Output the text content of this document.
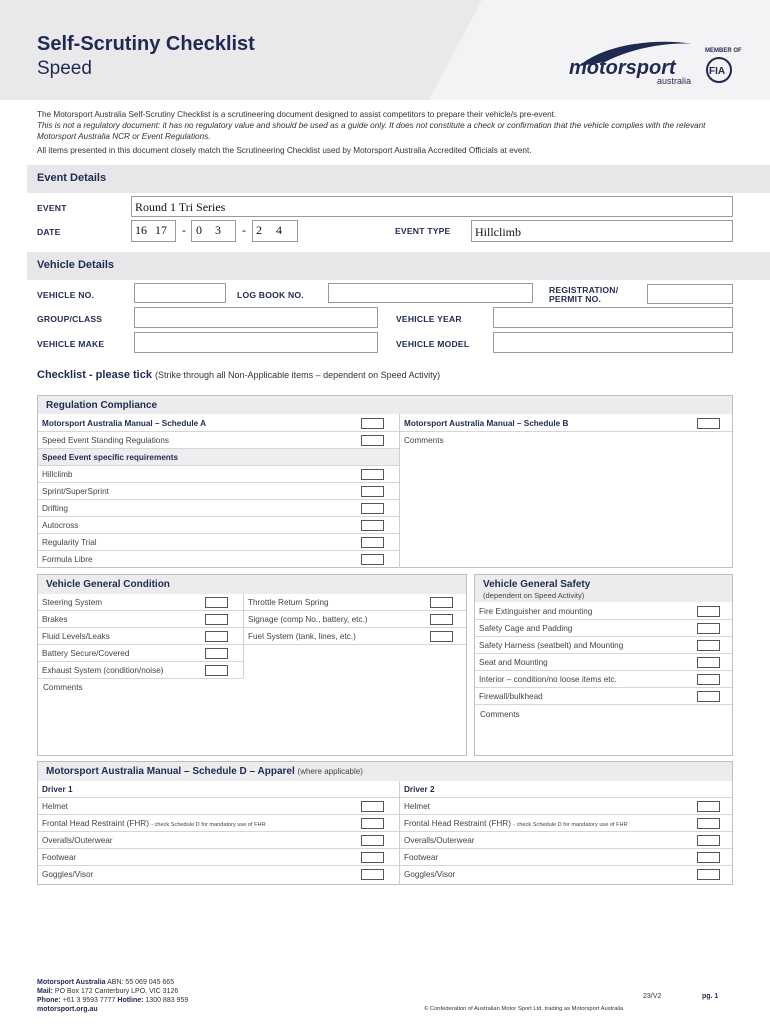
Self-Scrutiny Checklist
Speed	motorsport
australia
MEMBER OF
FIA
The Motorsport Australia Self-Scrutiny Checklist is a scrutineering document designed to assist competitors to prepare their vehicle/s pre-event.
This is not a regulatory document: it has no regulatory value and should be used as a guide only. It does not constitute a check or confirmation that the vehicle complies with the relevant Motorsport Australia NCR or Event Regulations.
All items presented in this document closely match the Scrutineering Checklist used by Motorsport Australia Accredited Officials at event.
Event Details
EVENT	Round 1 Tri Series
DATE	16 17 - 0 3 - 2 4	EVENT TYPE Hillclimb
Vehicle Details
VEHICLE NO.	LOG BOOK NO.	REGISTRATION/
PERMIT NO.
GROUP/CLASS	VEHICLE YEAR
VEHICLE MAKE	VEHICLE MODEL
Checklist - please tick (Strike through all Non-Applicable items – dependent on Speed Activity)
Regulation Compliance
Motorsport Australia Manual – Schedule A
Speed Event Standing Regulations
Speed Event specific requirements
Hillclimb
Sprint/SuperSprint
Drifting
Autocross
Regularity Trial
Formula Libre
Motorsport Australia Manual – Schedule B
Comments
Vehicle General Condition
Steering System
Brakes
Fluid Levels/Leaks
Battery Secure/Covered
Exhaust System (condition/noise)
Throttle Return Spring
Signage (comp No., battery, etc.)
Fuel System (tank, lines, etc.)
Comments
Vehicle General Safety
(dependent on Speed Activity)
Fire Extinguisher and mounting
Safety Cage and Padding
Safety Harness (seatbelt) and Mounting
Seat and Mounting
Interior – condition/no loose items etc.
Firewall/bulkhead
Comments
Motorsport Australia Manual – Schedule D – Apparel (where applicable)
Driver 1
Helmet
Frontal Head Restraint (FHR) - check Schedule D for mandatory use of FHR
Overalls/Outerwear
Footwear
Goggles/Visor
Driver 2
Helmet
Frontal Head Restraint (FHR) - check Schedule D for mandatory use of FHR
Overalls/Outerwear
Footwear
Goggles/Visor
Motorsport Australia ABN: 55 069 045 665
Mail: PO Box 172 Canterbury LPO, VIC 3126
Phone: +61 3 9593 7777 Hotline: 1300 883 959
motorsport.org.au
23/V2	pg. 1
© Confederation of Australian Motor Sport Ltd. trading as Motorsport Australia
